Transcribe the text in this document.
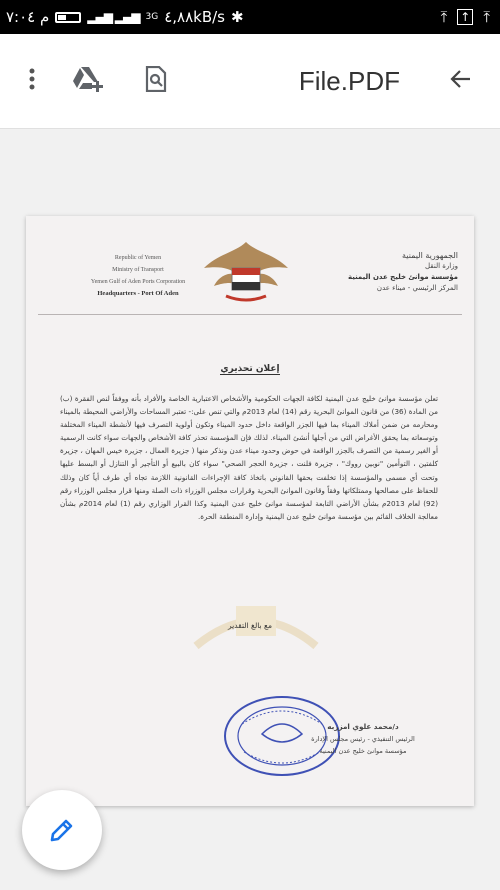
م ۷:۰٤	▂▄▆ ▂▄▆ 3G ٤,٨٨kB/s ✱	⤒ ↑ ⤒
File.PDF
Republic of Yemen
Ministry of Transport
Yemen Gulf of Aden Ports Corporation
Headquarters - Port Of Aden
الجمهورية اليمنية
وزارة النقل
مؤسسة موانئ خليج عدن اليمنية
المركز الرئيسي - ميناء عدن
إعلان تحذيري
تعلن مؤسسة موانئ خليج عدن اليمنية لكافة الجهات الحكومية والأشخاص الاعتبارية الخاصة والأفراد بأنه ووفقاً لنص الفقرة (ب) من المادة (36) من قانون الموانئ البحرية رقم (14) لعام 2013م والتي تنص على:- تعتبر المساحات والأراضي المحيطة بالميناء ومحارمه من ضمن أملاك الميناء بما فيها الجزر الواقعة داخل حدود الميناء وتكون أولوية التصرف فيها لأنشطة الميناء المختلفة وتوسعاته بما يحقق الأغراض التي من أجلها أنشئ الميناء. لذلك فإن المؤسسة تحذر كافة الأشخاص والجهات سواء كانت الرسمية أو الغير رسمية من التصرف بالجزر الواقعة في حوض وحدود ميناء عدن ونذكر منها ( جزيرة العمال ، جزيرة خيس المهان ، جزيرة كلفتين ، التوأمين "نوبين رووك" ، جزيرة فلنت ، جزيرة الحجر الصحي" سواء كان بالبيع أو التأجير أو التنازل أو البسط عليها وتحت أي مسمى والمؤسسة إذا تخلفت بحقها القانوني باتخاذ كافة الإجراءات القانونية اللازمة تجاه أي طرف أياً كان وذلك للحفاظ على مصالحها وممتلكاتها وفقاً وقانون الموانئ البحرية وقرارات مجلس الوزراء ذات الصلة ومنها قرار مجلس الوزراء رقم (92) لعام 2013م بشأن الأراضي التابعة لمؤسسة موانئ خليج عدن اليمنية وكذا القرار الوزاري رقم (1) لعام 2014م بشأن معالجة الخلاف القائم بين مؤسسة موانئ خليج عدن اليمنية وإدارة المنطقة الحرة.
مع بالغ التقدير
د/محمد علوي امزربه
الرئيس التنفيذي - رئيس مجلس الإدارة
مؤسسة موانئ خليج عدن اليمنية
